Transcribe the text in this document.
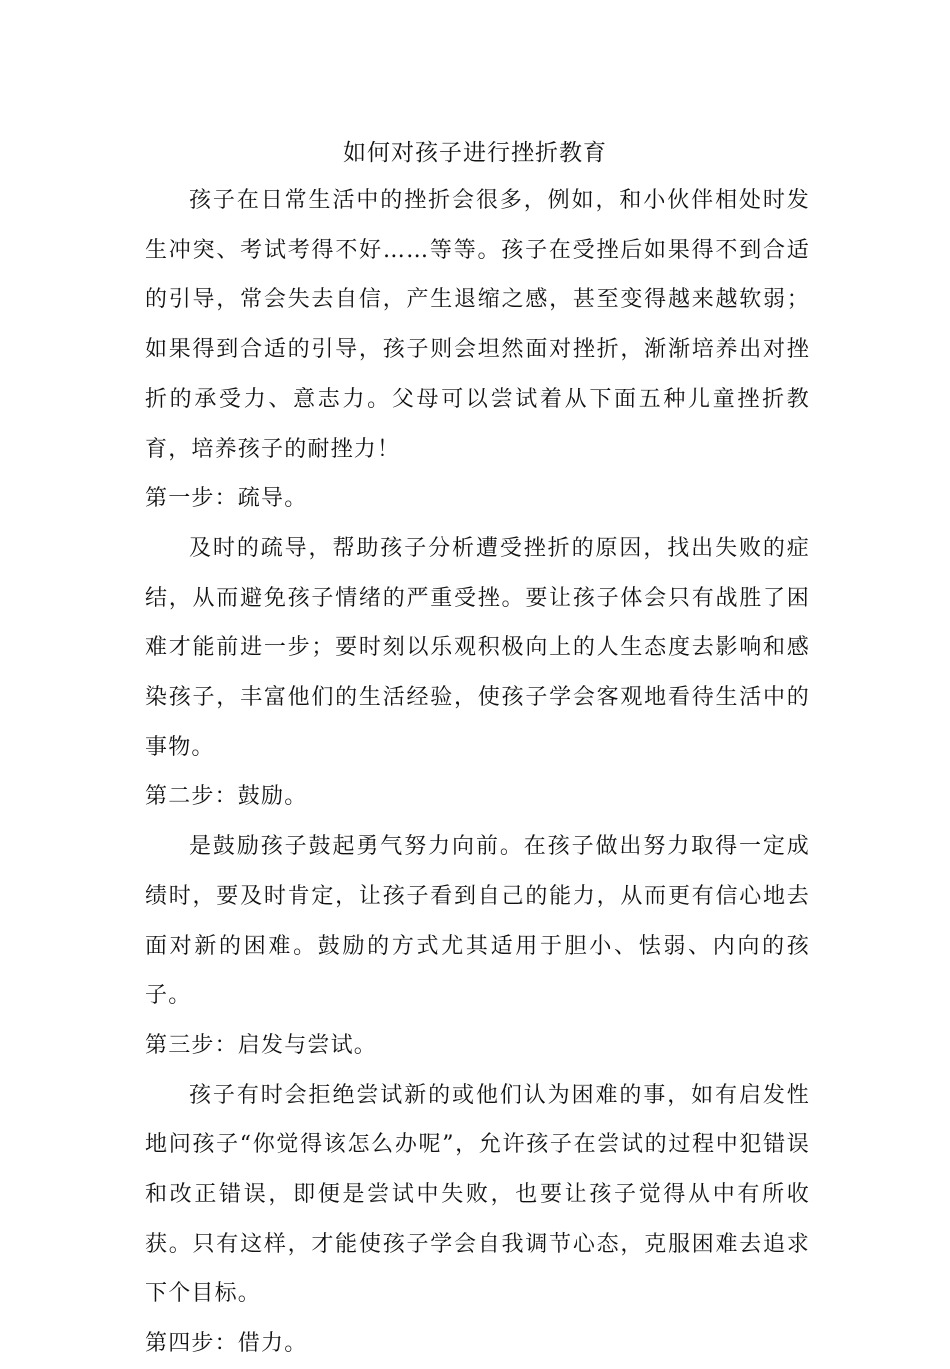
如何对孩子进行挫折教育

孩子在日常生活中的挫折会很多，例如，和小伙伴相处时发生冲突、考试考得不好……等等。孩子在受挫后如果得不到合适的引导，常会失去自信，产生退缩之感，甚至变得越来越软弱；如果得到合适的引导，孩子则会坦然面对挫折，渐渐培养出对挫折的承受力、意志力。父母可以尝试着从下面五种儿童挫折教育，培养孩子的耐挫力！

第一步：疏导。

及时的疏导，帮助孩子分析遭受挫折的原因，找出失败的症结，从而避免孩子情绪的严重受挫。要让孩子体会只有战胜了困难才能前进一步；要时刻以乐观积极向上的人生态度去影响和感染孩子，丰富他们的生活经验，使孩子学会客观地看待生活中的事物。

第二步：鼓励。

是鼓励孩子鼓起勇气努力向前。在孩子做出努力取得一定成绩时，要及时肯定，让孩子看到自己的能力，从而更有信心地去面对新的困难。鼓励的方式尤其适用于胆小、怯弱、内向的孩子。

第三步：启发与尝试。

孩子有时会拒绝尝试新的或他们认为困难的事，如有启发性地问孩子“你觉得该怎么办呢”，允许孩子在尝试的过程中犯错误和改正错误，即便是尝试中失败，也要让孩子觉得从中有所收获。只有这样，才能使孩子学会自我调节心态，克服困难去追求下个目标。

第四步：借力。
